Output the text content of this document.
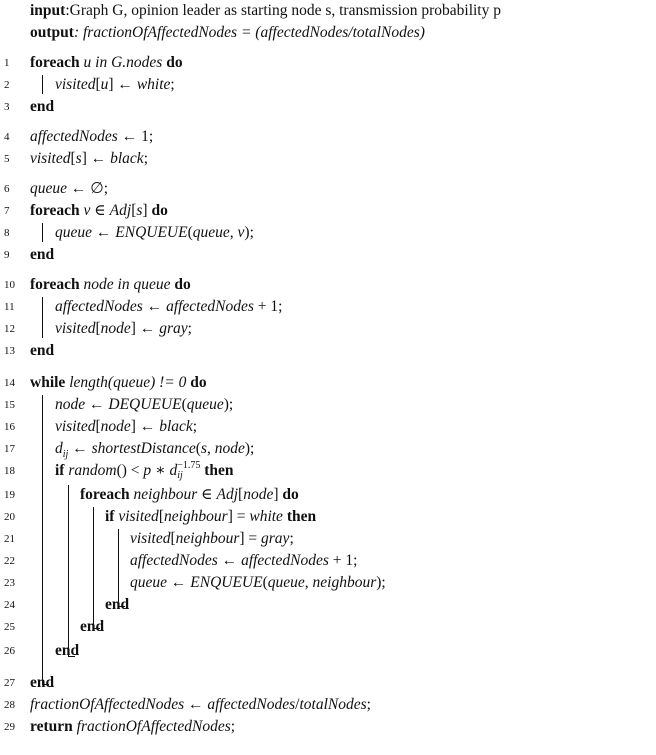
input:Graph G, opinion leader as starting node s, transmission probability p
output: fractionOfAffectedNodes = (affectedNodes/totalNodes)
1	foreach u in G.nodes do
2	visited[u] ← white;
3	end
4	affectedNodes ← 1;
5	visited[s] ← black;
6	queue ← ∅;
7	foreach v ∈ Adj[s] do
8	queue ← ENQUEUE(queue, v);
9	end
10 foreach node in queue do
11	affectedNodes ← affectedNodes + 1;
12	visited[node] ← gray;
13 end
14 while length(queue) != 0 do
15	node ← DEQUEUE(queue);
16	visited[node] ← black;
17	$d_{ij}$ ← shortestDistance(s, node);
18	if random() < p ∗ d −1.75
ij	then
19	foreach neighbour ∈ Adj[node] do
20	if visited[neighbour] = white then
21	visited[neighbour] = gray;
22	affectedNodes ← affectedNodes + 1;
23	queue ← ENQUEUE(queue, neighbour);
24	end
25	end
26	end
27 end
28 fractionOfAffectedNodes ← affectedNodes/totalNodes;
29 return fractionOfAffectedNodes;
